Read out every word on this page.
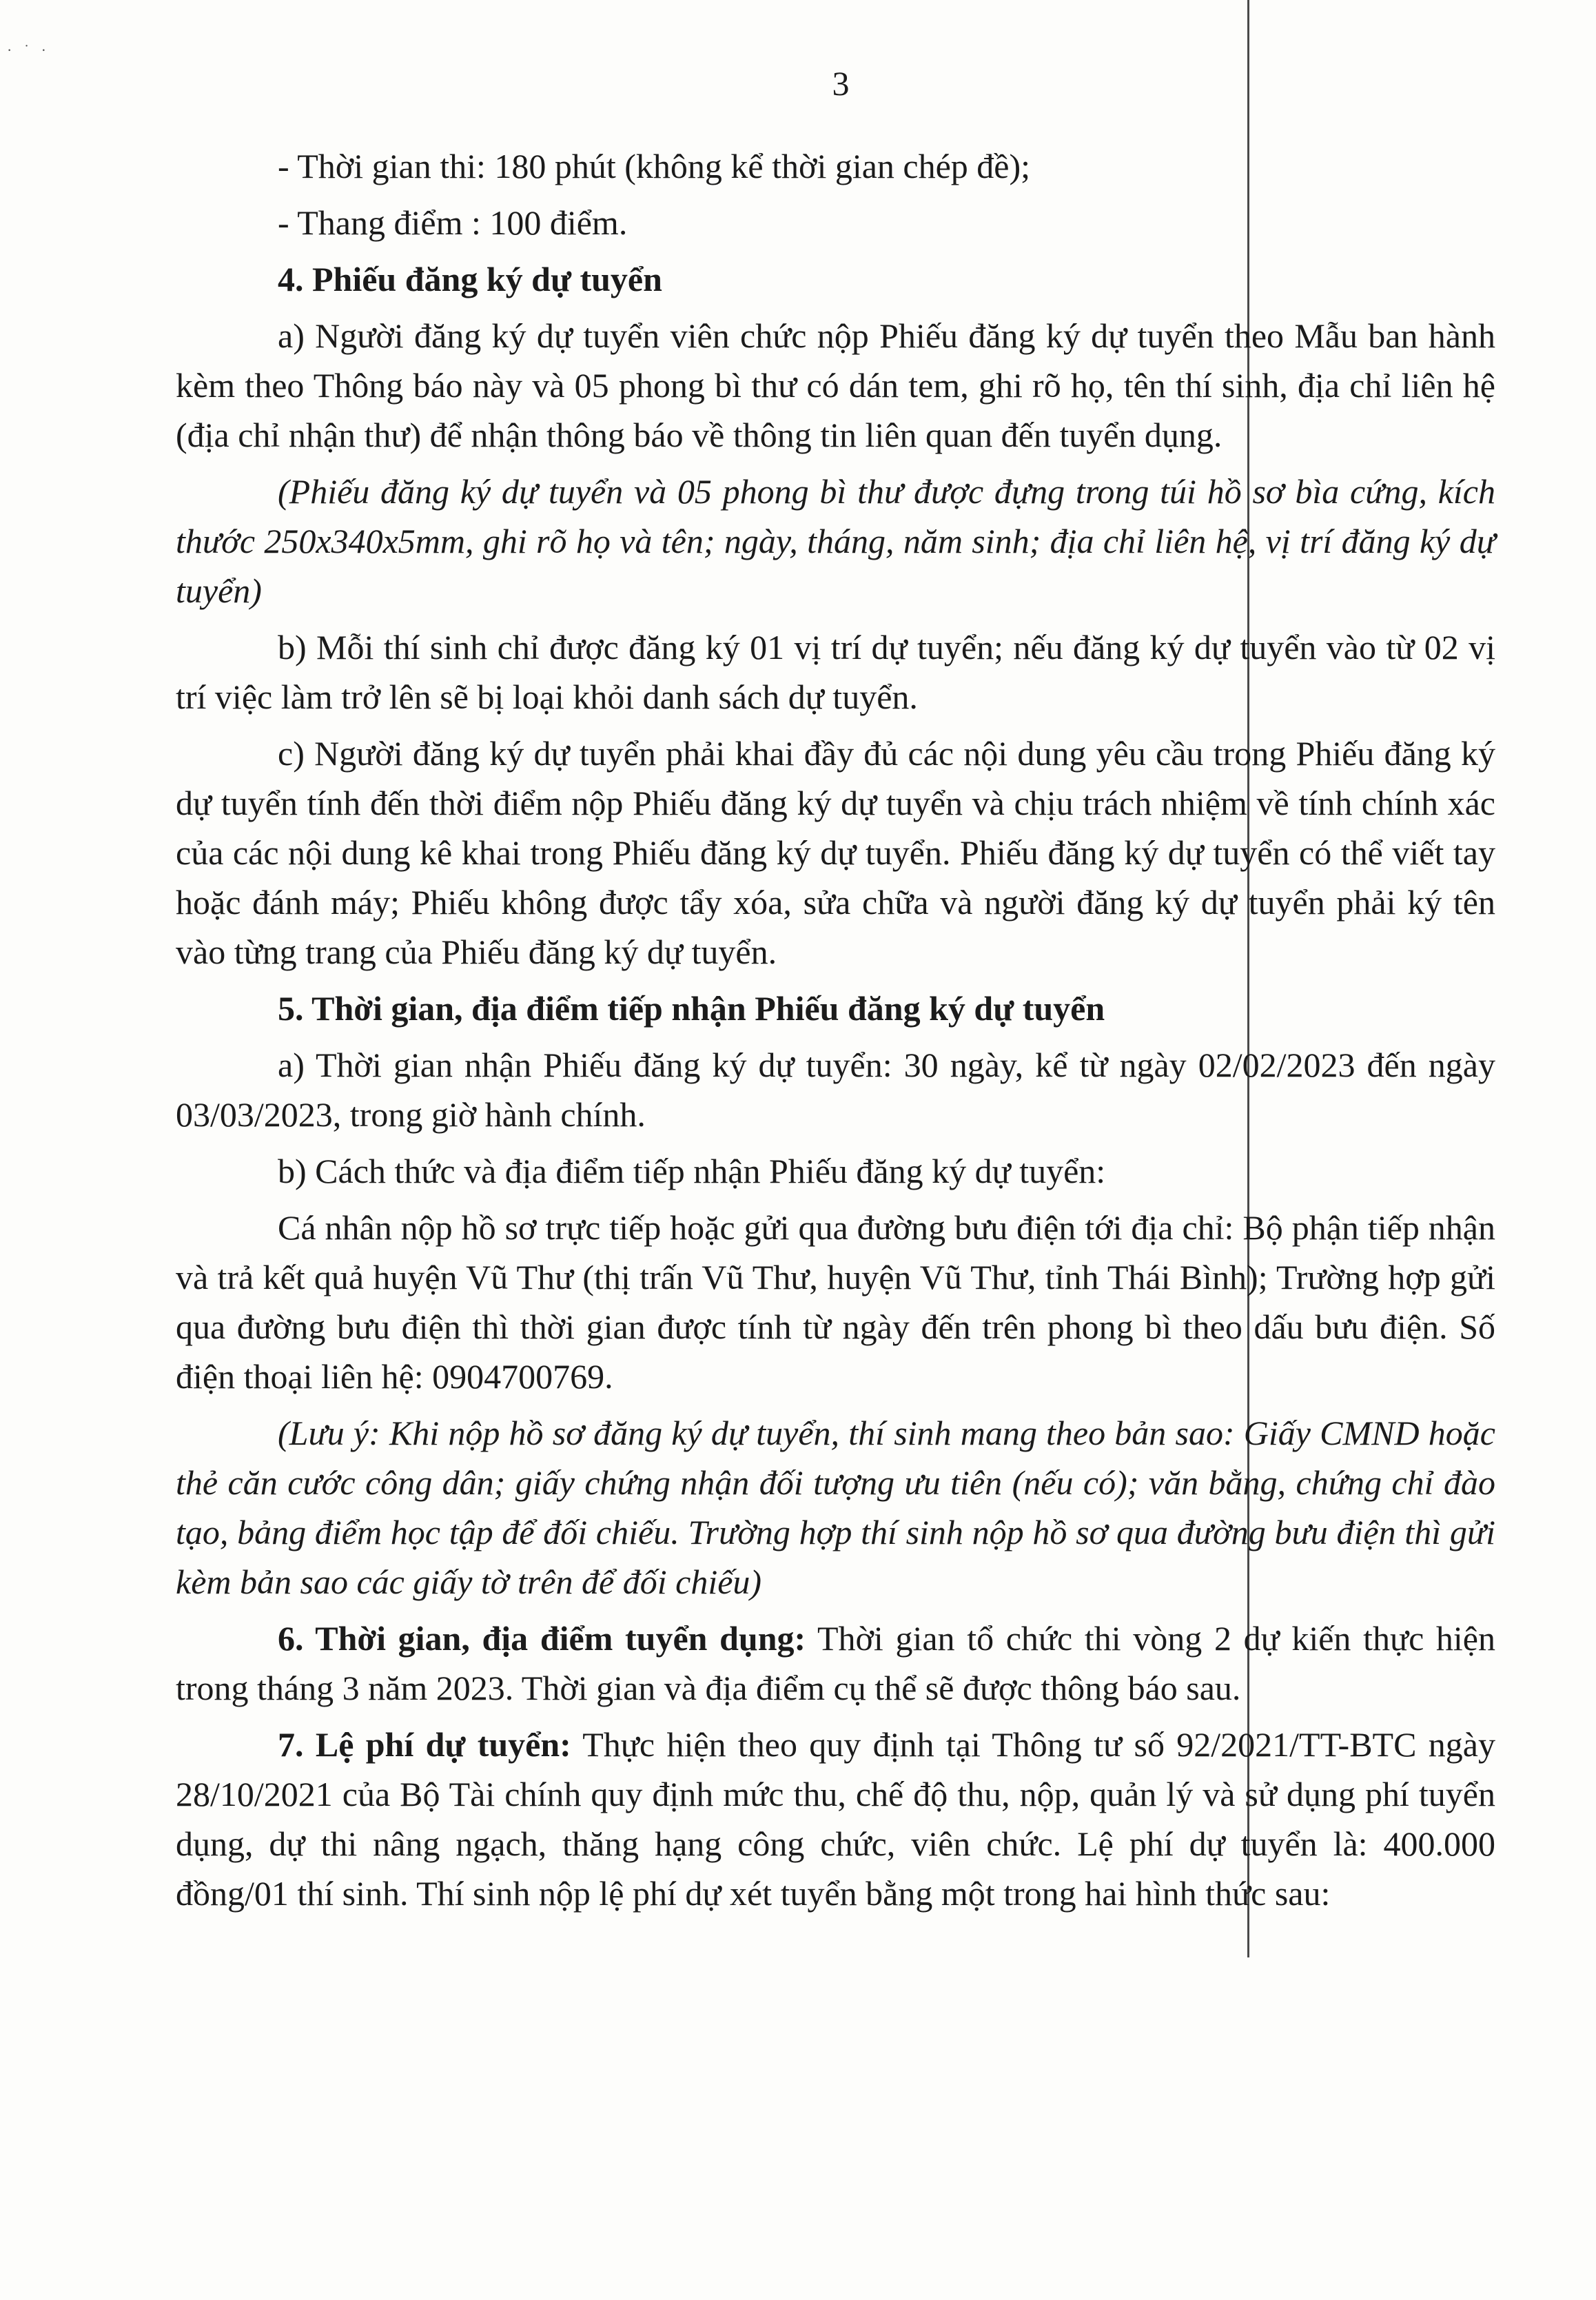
· ˙ ·
3

- Thời gian thi: 180 phút (không kể thời gian chép đề);

- Thang điểm : 100 điểm.

4. Phiếu đăng ký dự tuyển

a) Người đăng ký dự tuyển viên chức nộp Phiếu đăng ký dự tuyển theo Mẫu ban hành kèm theo Thông báo này và 05 phong bì thư có dán tem, ghi rõ họ, tên thí sinh, địa chỉ liên hệ (địa chỉ nhận thư) để nhận thông báo về thông tin liên quan đến tuyển dụng.

(Phiếu đăng ký dự tuyển và 05 phong bì thư được đựng trong túi hồ sơ bìa cứng, kích thước 250x340x5mm, ghi rõ họ và tên; ngày, tháng, năm sinh; địa chỉ liên hệ, vị trí đăng ký dự tuyển)

b) Mỗi thí sinh chỉ được đăng ký 01 vị trí dự tuyển; nếu đăng ký dự tuyển vào từ 02 vị trí việc làm trở lên sẽ bị loại khỏi danh sách dự tuyển.

c) Người đăng ký dự tuyển phải khai đầy đủ các nội dung yêu cầu trong Phiếu đăng ký dự tuyển tính đến thời điểm nộp Phiếu đăng ký dự tuyển và chịu trách nhiệm về tính chính xác của các nội dung kê khai trong Phiếu đăng ký dự tuyển. Phiếu đăng ký dự tuyển có thể viết tay hoặc đánh máy; Phiếu không được tẩy xóa, sửa chữa và người đăng ký dự tuyển phải ký tên vào từng trang của Phiếu đăng ký dự tuyển.

5. Thời gian, địa điểm tiếp nhận Phiếu đăng ký dự tuyển

a) Thời gian nhận Phiếu đăng ký dự tuyển: 30 ngày, kể từ ngày 02/02/2023 đến ngày 03/03/2023, trong giờ hành chính.

b) Cách thức và địa điểm tiếp nhận Phiếu đăng ký dự tuyển:

Cá nhân nộp hồ sơ trực tiếp hoặc gửi qua đường bưu điện tới địa chỉ: Bộ phận tiếp nhận và trả kết quả huyện Vũ Thư (thị trấn Vũ Thư, huyện Vũ Thư, tỉnh Thái Bình); Trường hợp gửi qua đường bưu điện thì thời gian được tính từ ngày đến trên phong bì theo dấu bưu điện. Số điện thoại liên hệ: 0904700769.

(Lưu ý: Khi nộp hồ sơ đăng ký dự tuyển, thí sinh mang theo bản sao: Giấy CMND hoặc thẻ căn cước công dân; giấy chứng nhận đối tượng ưu tiên (nếu có); văn bằng, chứng chỉ đào tạo, bảng điểm học tập để đối chiếu. Trường hợp thí sinh nộp hồ sơ qua đường bưu điện thì gửi kèm bản sao các giấy tờ trên để đối chiếu)

6. Thời gian, địa điểm tuyển dụng: Thời gian tổ chức thi vòng 2 dự kiến thực hiện trong tháng 3 năm 2023. Thời gian và địa điểm cụ thể sẽ được thông báo sau.

7. Lệ phí dự tuyển: Thực hiện theo quy định tại Thông tư số 92/2021/TT-BTC ngày 28/10/2021 của Bộ Tài chính quy định mức thu, chế độ thu, nộp, quản lý và sử dụng phí tuyển dụng, dự thi nâng ngạch, thăng hạng công chức, viên chức. Lệ phí dự tuyển là: 400.000 đồng/01 thí sinh. Thí sinh nộp lệ phí dự xét tuyển bằng một trong hai hình thức sau:
